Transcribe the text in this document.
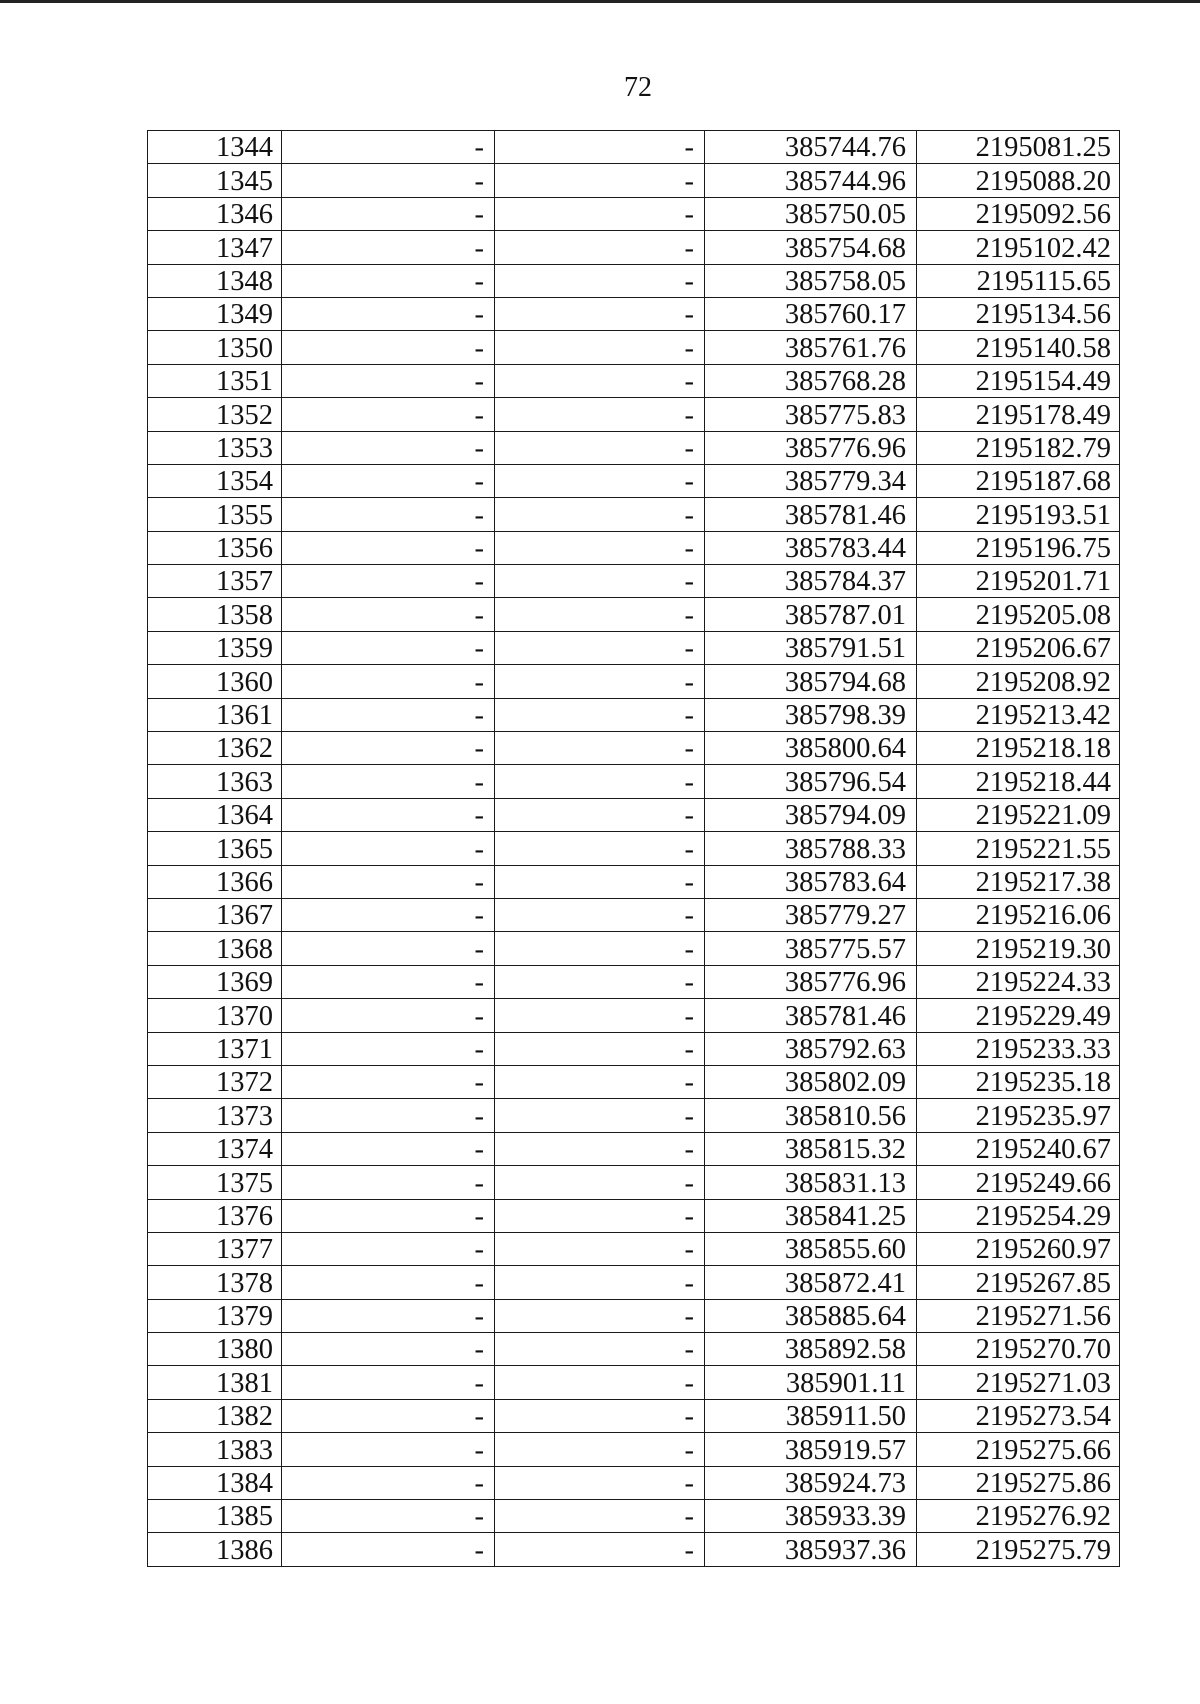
72
1344	-	-	385744.76	2195081.25
1345	-	-	385744.96	2195088.20
1346	-	-	385750.05	2195092.56
1347	-	-	385754.68	2195102.42
1348	-	-	385758.05	2195115.65
1349	-	-	385760.17	2195134.56
1350	-	-	385761.76	2195140.58
1351	-	-	385768.28	2195154.49
1352	-	-	385775.83	2195178.49
1353	-	-	385776.96	2195182.79
1354	-	-	385779.34	2195187.68
1355	-	-	385781.46	2195193.51
1356	-	-	385783.44	2195196.75
1357	-	-	385784.37	2195201.71
1358	-	-	385787.01	2195205.08
1359	-	-	385791.51	2195206.67
1360	-	-	385794.68	2195208.92
1361	-	-	385798.39	2195213.42
1362	-	-	385800.64	2195218.18
1363	-	-	385796.54	2195218.44
1364	-	-	385794.09	2195221.09
1365	-	-	385788.33	2195221.55
1366	-	-	385783.64	2195217.38
1367	-	-	385779.27	2195216.06
1368	-	-	385775.57	2195219.30
1369	-	-	385776.96	2195224.33
1370	-	-	385781.46	2195229.49
1371	-	-	385792.63	2195233.33
1372	-	-	385802.09	2195235.18
1373	-	-	385810.56	2195235.97
1374	-	-	385815.32	2195240.67
1375	-	-	385831.13	2195249.66
1376	-	-	385841.25	2195254.29
1377	-	-	385855.60	2195260.97
1378	-	-	385872.41	2195267.85
1379	-	-	385885.64	2195271.56
1380	-	-	385892.58	2195270.70
1381	-	-	385901.11	2195271.03
1382	-	-	385911.50	2195273.54
1383	-	-	385919.57	2195275.66
1384	-	-	385924.73	2195275.86
1385	-	-	385933.39	2195276.92
1386	-	-	385937.36	2195275.79
